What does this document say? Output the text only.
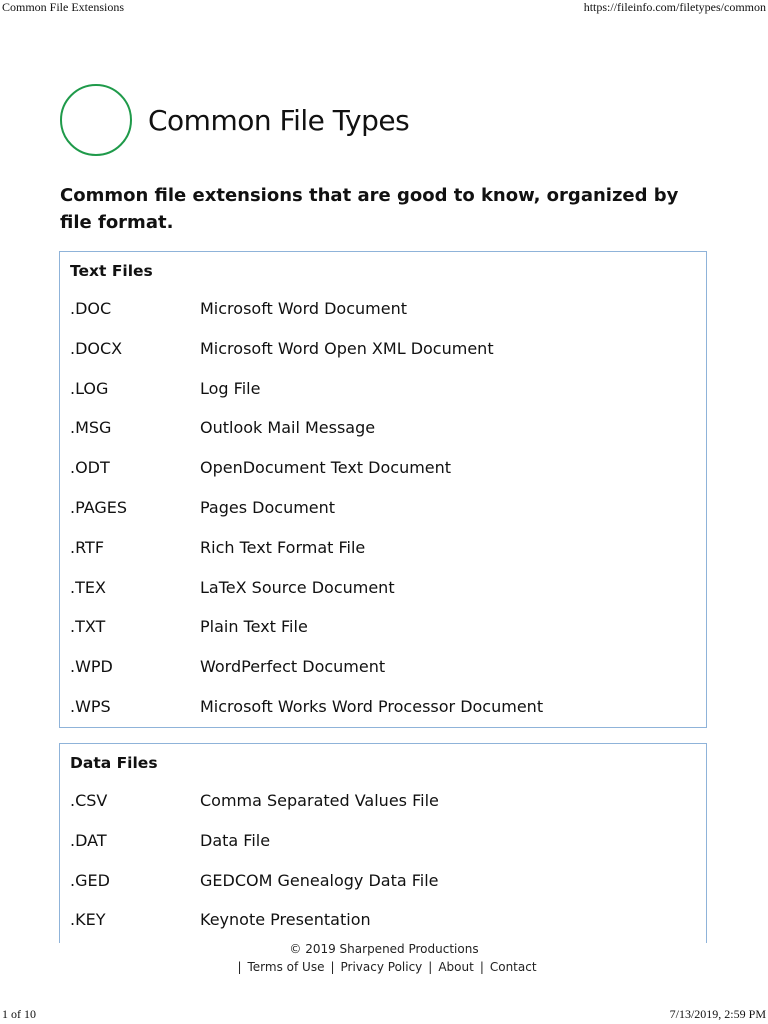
Common File Extensions	https://fileinfo.com/filetypes/common
Common File Types
Common file extensions that are good to know, organized by file format.
Text Files
.DOC	Microsoft Word Document
.DOCX	Microsoft Word Open XML Document
.LOG	Log File
.MSG	Outlook Mail Message
.ODT	OpenDocument Text Document
.PAGES	Pages Document
.RTF	Rich Text Format File
.TEX	LaTeX Source Document
.TXT	Plain Text File
.WPD	WordPerfect Document
.WPS	Microsoft Works Word Processor Document
Data Files
.CSV	Comma Separated Values File
.DAT	Data File
.GED	GEDCOM Genealogy Data File
.KEY	Keynote Presentation
© 2019 Sharpened Productions
| Terms of Use | Privacy Policy | About | Contact
1 of 10	7/13/2019, 2:59 PM
